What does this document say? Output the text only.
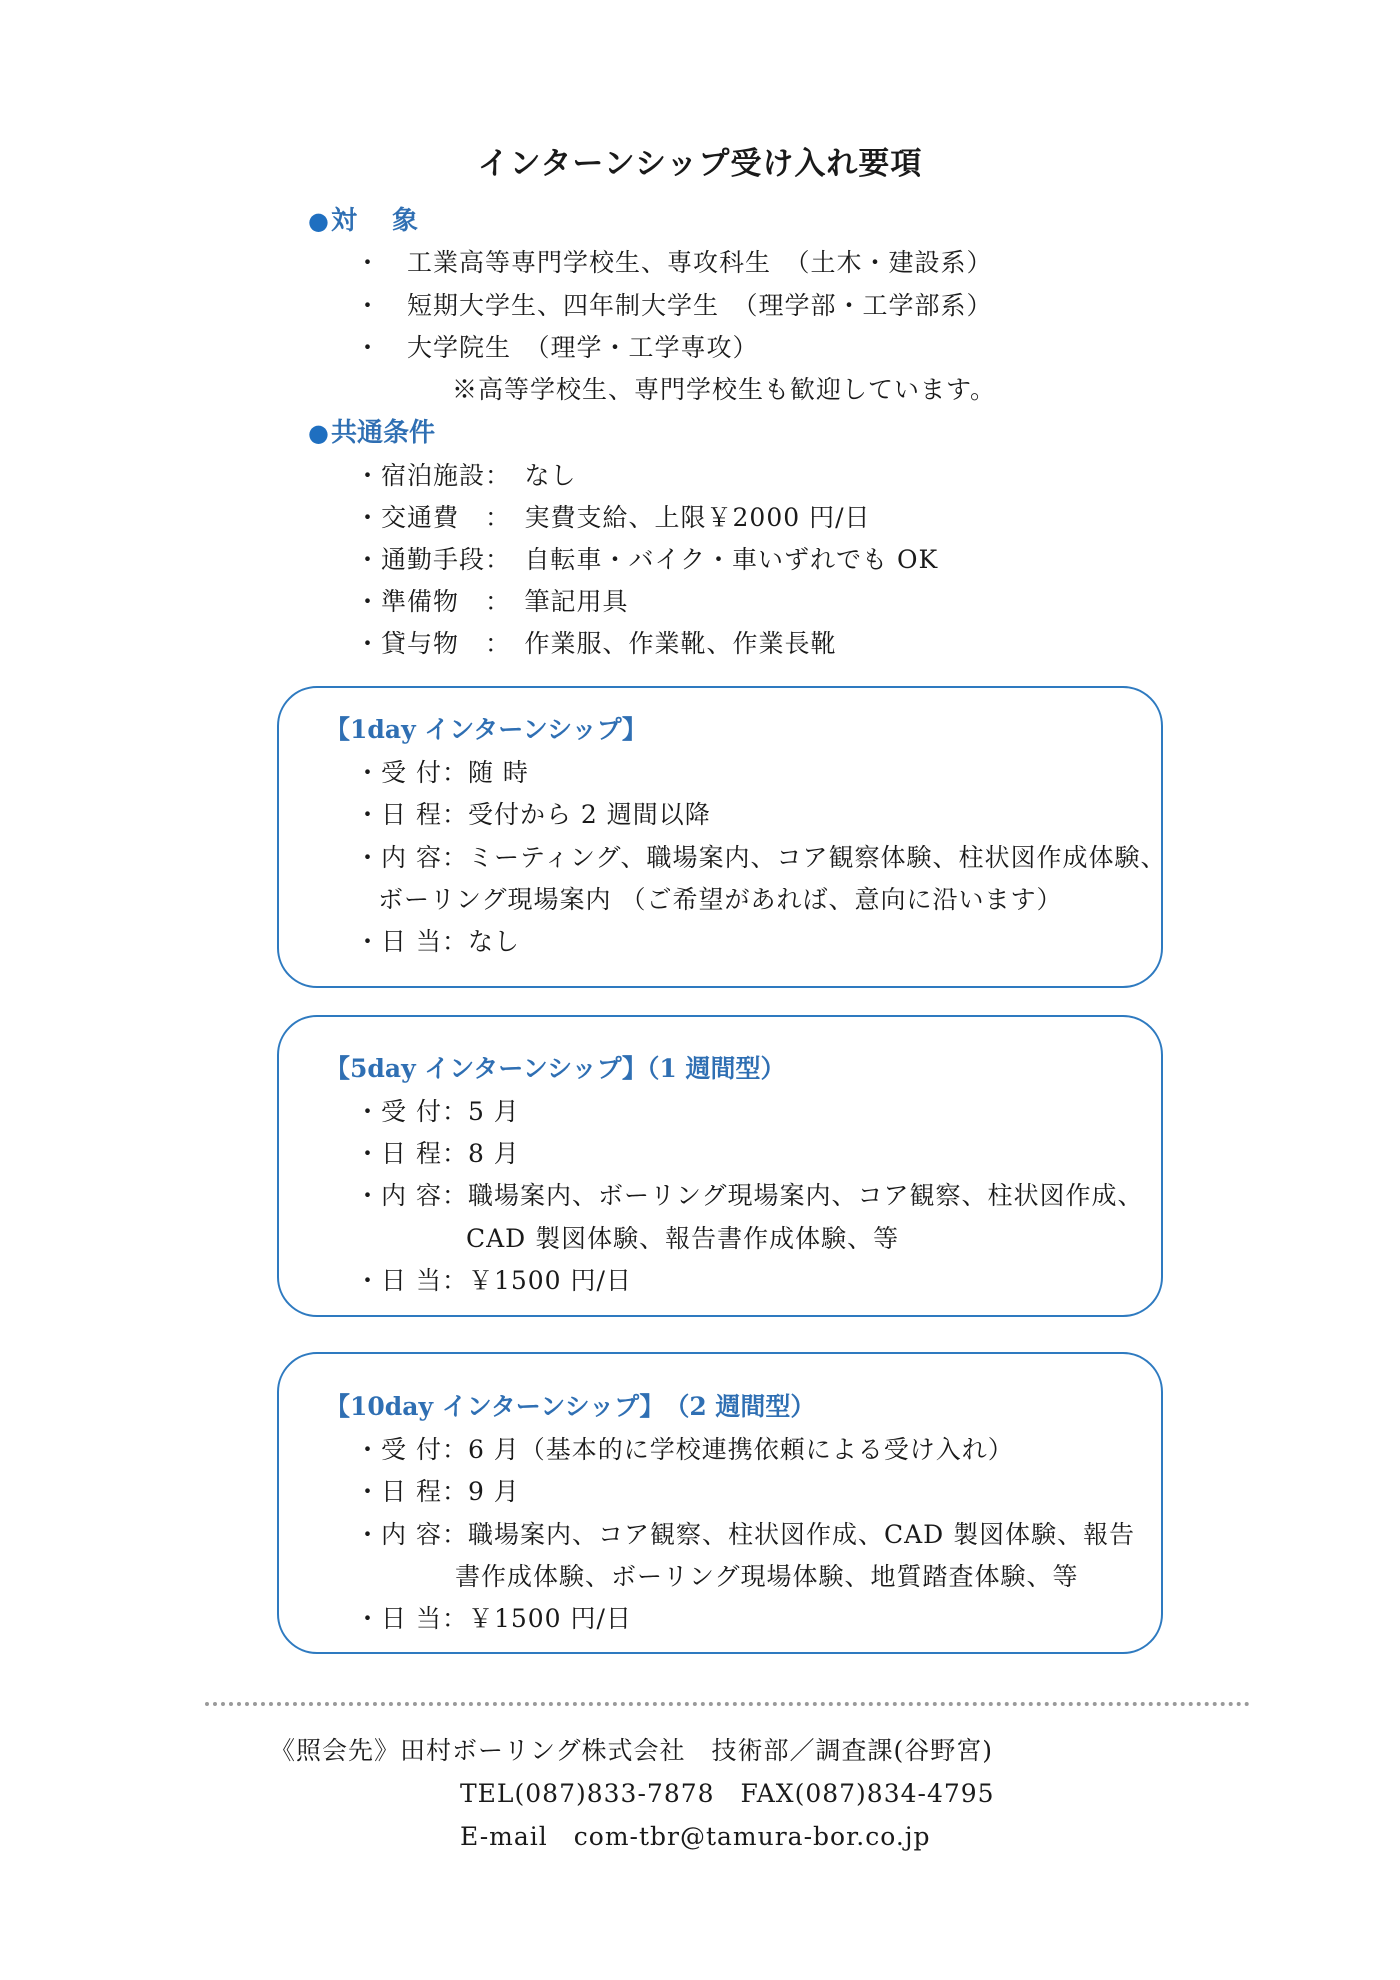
インターンシップ受け入れ要項
●対　 象
・　工業高等専門学校生、専攻科生　（土木・建設系）
・　短期大学生、四年制大学生　（理学部・工学部系）
・　大学院生　（理学・工学専攻）
※高等学校生、専門学校生も歓迎しています。
●共通条件
・宿泊施設：　なし
・交通費　：　実費支給、上限￥2000 円/日
・通勤手段：　自転車・バイク・車いずれでも OK
・準備物　：　筆記用具
・貸与物　：　作業服、作業靴、作業長靴
【1day インターンシップ】
・受 付：随 時
・日 程：受付から 2 週間以降
・内 容：ミーティング、職場案内、コア観察体験、柱状図作成体験、
ボーリング現場案内 （ご希望があれば、意向に沿います）
・日 当：なし
【5day インターンシップ】（1 週間型）
・受 付：5 月
・日 程：8 月
・内 容：職場案内、ボーリング現場案内、コア観察、柱状図作成、
CAD 製図体験、報告書作成体験、等
・日 当：￥1500 円/日
【10day インターンシップ】　（2 週間型）
・受 付：6 月（基本的に学校連携依頼による受け入れ）
・日 程：9 月
・内 容：職場案内、コア観察、柱状図作成、CAD 製図体験、報告
書作成体験、ボーリング現場体験、地質踏査体験、等
・日 当：￥1500 円/日
《照会先》田村ボーリング株式会社　技術部／調査課(谷野宮)
TEL(087)833-7878　FAX(087)834-4795
E-mail　com-tbr@tamura-bor.co.jp
